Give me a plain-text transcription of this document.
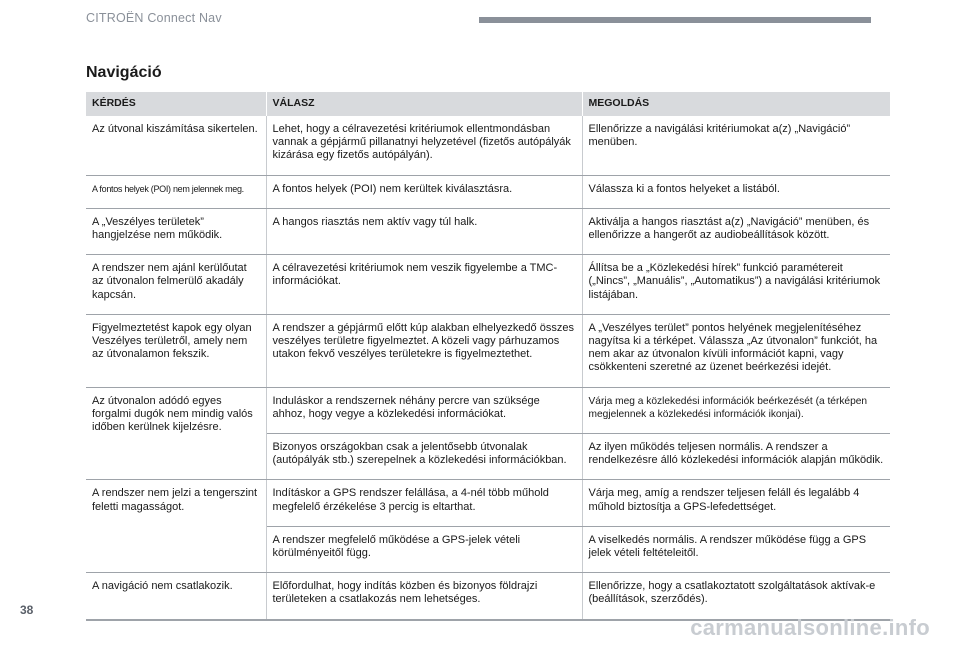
CITROËN Connect Nav
Navigáció
KÉRDÉS	VÁLASZ	MEGOLDÁS
Az útvonal kiszámítása sikertelen.	Lehet, hogy a célravezetési kritériumok ellentmondásban vannak a gépjármű pillanatnyi helyzetével (fizetős autópályák kizárása egy fizetős autópályán).	Ellenőrizze a navigálási kritériumokat a(z) „Navigáció” menüben.
A fontos helyek (POI) nem jelennek meg.	A fontos helyek (POI) nem kerültek kiválasztásra.	Válassza ki a fontos helyeket a listából.
A „Veszélyes területek” hangjelzése nem működik.	A hangos riasztás nem aktív vagy túl halk.	Aktiválja a hangos riasztást a(z) „Navigáció” menüben, és ellenőrizze a hangerőt az audiobeállítások között.
A rendszer nem ajánl kerülőutat az útvonalon felmerülő akadály kapcsán.	A célravezetési kritériumok nem veszik figyelembe a TMC-információkat.	Állítsa be a „Közlekedési hírek” funkció paramétereit („Nincs”, „Manuális”, „Automatikus”) a navigálási kritériumok listájában.
Figyelmeztetést kapok egy olyan Veszélyes területről, amely nem az útvonalamon fekszik.	A rendszer a gépjármű előtt kúp alakban elhelyezkedő összes veszélyes területre figyelmeztet. A közeli vagy párhuzamos utakon fekvő veszélyes területekre is figyelmeztethet.	A „Veszélyes terület” pontos helyének megjelenítéséhez nagyítsa ki a térképet. Válassza „Az útvonalon” funkciót, ha nem akar az útvonalon kívüli információt kapni, vagy csökkenteni szeretné az üzenet beérkezési idejét.
Az útvonalon adódó egyes forgalmi dugók nem mindig valós időben kerülnek kijelzésre.	Induláskor a rendszernek néhány percre van szüksége ahhoz, hogy vegye a közlekedési információkat.	Várja meg a közlekedési információk beérkezését (a térképen megjelennek a közlekedési információk ikonjai).
	Bizonyos országokban csak a jelentősebb útvonalak (autópályák stb.) szerepelnek a közlekedési információkban.	Az ilyen működés teljesen normális. A rendszer a rendelkezésre álló közlekedési információk alapján működik.
A rendszer nem jelzi a tengerszint feletti magasságot.	Indításkor a GPS rendszer felállása, a 4-nél több műhold megfelelő érzékelése 3 percig is eltarthat.	Várja meg, amíg a rendszer teljesen feláll és legalább 4 műhold biztosítja a GPS-lefedettséget.
	A rendszer megfelelő működése a GPS-jelek vételi körülményeitől függ.	A viselkedés normális. A rendszer működése függ a GPS jelek vételi feltételeitől.
A navigáció nem csatlakozik.	Előfordulhat, hogy indítás közben és bizonyos földrajzi területeken a csatlakozás nem lehetséges.	Ellenőrizze, hogy a csatlakoztatott szolgáltatások aktívak-e (beállítások, szerződés).
38
carmanualsonline.info
